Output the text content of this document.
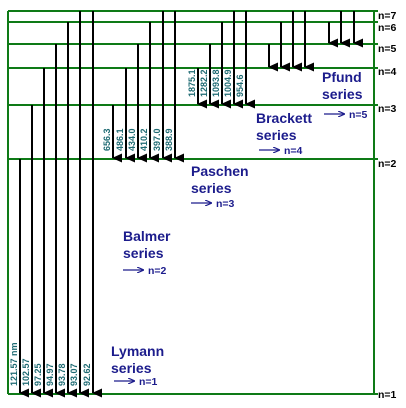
n=7
n=6
n=5
n=4
n=3
n=2
n=1
121.57 nm 102.57 97.25 94.97 93.78 93.07 92.62
656.3 486.1 434.0 410.2 397.0 388.9
1875.1 1282.2 1093.8 1004.9 954.6
Lymann
series
n=1
Balmer
series
n=2
Paschen
series
n=3
Brackett
series
n=4
Pfund
series
n=5
